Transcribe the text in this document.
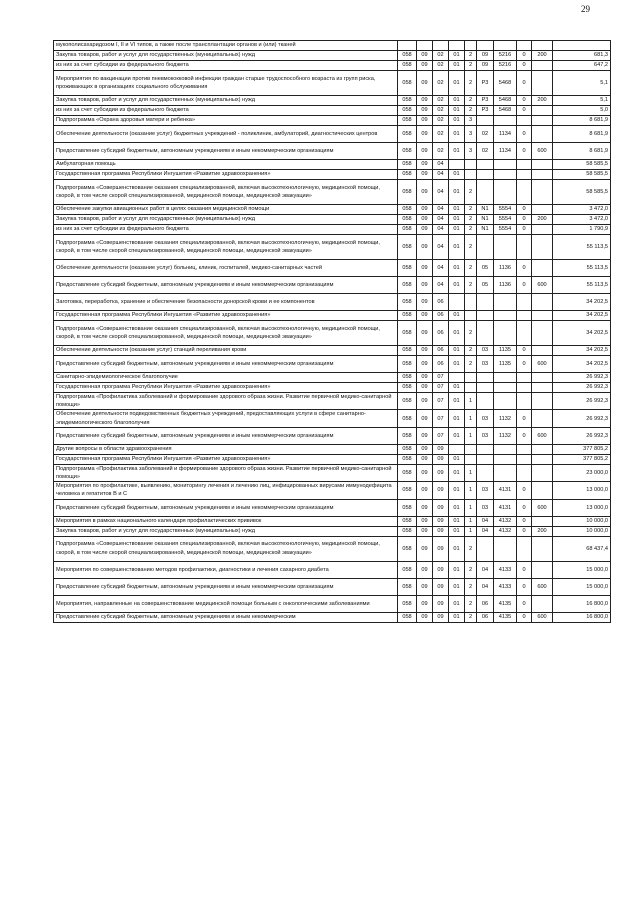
29
мукополисахаридозом I, II и VI типов, а также после трансплантации органов и (или) тканей										
Закупка товаров, работ и услуг для государственных (муниципальных) нужд	058	09	02	01	2	09	5216	0	200	681,3
из них за счет субсидии из федерального бюджета	058	09	02	01	2	09	5216	0		647,2
Мероприятия по вакцинации против пневмококковой инфекции граждан старше трудоспособного возраста из групп риска, проживающих в организациях социального обслуживания	058	09	02	01	2	Р3	5468	0		5,1
Закупка товаров, работ и услуг для государственных (муниципальных) нужд	058	09	02	01	2	Р3	5468	0	200	5,1
из них за счет субсидии из федерального бюджета	058	09	02	01	2	Р3	5468	0		5,0
Подпрограмма «Охрана здоровья матери и ребенка»	058	09	02	01	3					8 681,9
Обеспечение деятельности (оказание услуг) бюджетных учреждений - поликлиник, амбулаторий, диагностических центров	058	09	02	01	3	02	1134	0		8 681,9
Предоставление субсидий бюджетным, автономным учреждениям и иным некоммерческим организациям	058	09	02	01	3	02	1134	0	600	8 681,9
Амбулаторная помощь	058	09	04							58 585,5
Государственная программа Республики Ингушетия «Развитие здравоохранения»	058	09	04	01						58 585,5
Подпрограмма «Совершенствование оказания специализированной, включая высокотехнологичную, медицинской помощи, скорой, в том числе скорой специализированной, медицинской помощи, медицинской эвакуации»	058	09	04	01	2					58 585,5
Обеспечение закупки авиационных работ в целях оказания медицинской помощи	058	09	04	01	2	N1	5554	0		3 472,0
Закупка товаров, работ и услуг для государственных (муниципальных) нужд	058	09	04	01	2	N1	5554	0	200	3 472,0
из них за счет субсидии из федерального бюджета	058	09	04	01	2	N1	5554	0		1 790,9
Подпрограмма «Совершенствование оказания специализированной, включая высокотехнологичную, медицинской помощи, скорой, в том числе скорой специализированной, медицинской помощи, медицинской эвакуации»	058	09	04	01	2					55 113,5
Обеспечение деятельности (оказание услуг) больниц, клиник, госпиталей, медико-санитарных частей	058	09	04	01	2	05	1136	0		55 113,5
Предоставление субсидий бюджетным, автономным учреждениям и иным некоммерческим организациям	058	09	04	01	2	05	1136	0	600	55 113,5
Заготовка, переработка, хранение и обеспечение безопасности донорской крови и ее компонентов	058	09	06							34 202,5
Государственная программа Республики Ингушетия «Развитие здравоохранения»	058	09	06	01						34 202,5
Подпрограмма «Совершенствование оказания специализированной, включая высокотехнологичную, медицинской помощи, скорой, в том числе скорой специализированной, медицинской помощи, медицинской эвакуации»	058	09	06	01	2					34 202,5
Обеспечение деятельности (оказание услуг) станций переливания крови	058	09	06	01	2	03	1135	0		34 202,5
Предоставление субсидий бюджетным, автономным учреждениям и иным некоммерческим организациям	058	09	06	01	2	03	1135	0	600	34 202,5
Санитарно-эпидемиологическое благополучие	058	09	07							26 992,3
Государственная программа Республики Ингушетия «Развитие здравоохранения»	058	09	07	01						26 992,3
Подпрограмма «Профилактика заболеваний и формирование здорового образа жизни. Развитие первичной медико-санитарной помощи»	058	09	07	01	1					26 992,3
Обеспечение деятельности подведомственных бюджетных учреждений, предоставляющих услуги в сфере санитарно-эпидемиологического благополучия	058	09	07	01	1	03	1132	0		26 992,3
Предоставление субсидий бюджетным, автономным учреждениям и иным некоммерческим организациям	058	09	07	01	1	03	1132	0	600	26 992,3
Другие вопросы в области здравоохранения	058	09	09							377 805,2
Государственная программа Республики Ингушетия «Развитие здравоохранения»	058	09	09	01						377 805,2
Подпрограмма «Профилактика заболеваний и формирование здорового образа жизни. Развитие первичной медико-санитарной помощи»	058	09	09	01	1					23 000,0
Мероприятия по профилактике, выявлению, мониторингу лечения и лечению лиц, инфицированных вирусами иммунодефицита человека и гепатитов В и С	058	09	09	01	1	03	4131	0		13 000,0
Предоставление субсидий бюджетным, автономным учреждениям и иным некоммерческим организациям	058	09	09	01	1	03	4131	0	600	13 000,0
Мероприятия в рамках национального календаря профилактических прививок	058	09	09	01	1	04	4132	0		10 000,0
Закупка товаров, работ и услуг для государственных (муниципальных) нужд	058	09	09	01	1	04	4132	0	200	10 000,0
Подпрограмма «Совершенствование оказания специализированной, включая высокотехнологичную, медицинской помощи, скорой, в том числе скорой специализированной, медицинской помощи, медицинской эвакуации»	058	09	09	01	2					68 437,4
Мероприятия по совершенствованию методов профилактики, диагностики и лечения сахарного диабета	058	09	09	01	2	04	4133	0		15 000,0
Предоставление субсидий бюджетным, автономным учреждениям и иным некоммерческим организациям	058	09	09	01	2	04	4133	0	600	15 000,0
Мероприятия, направленные на совершенствование медицинской помощи больным с онкологическими заболеваниями	058	09	09	01	2	06	4135	0		16 800,0
Предоставление субсидий бюджетным, автономным учреждениям и иным некоммерческим	058	09	09	01	2	06	4135	0	600	16 800,0
